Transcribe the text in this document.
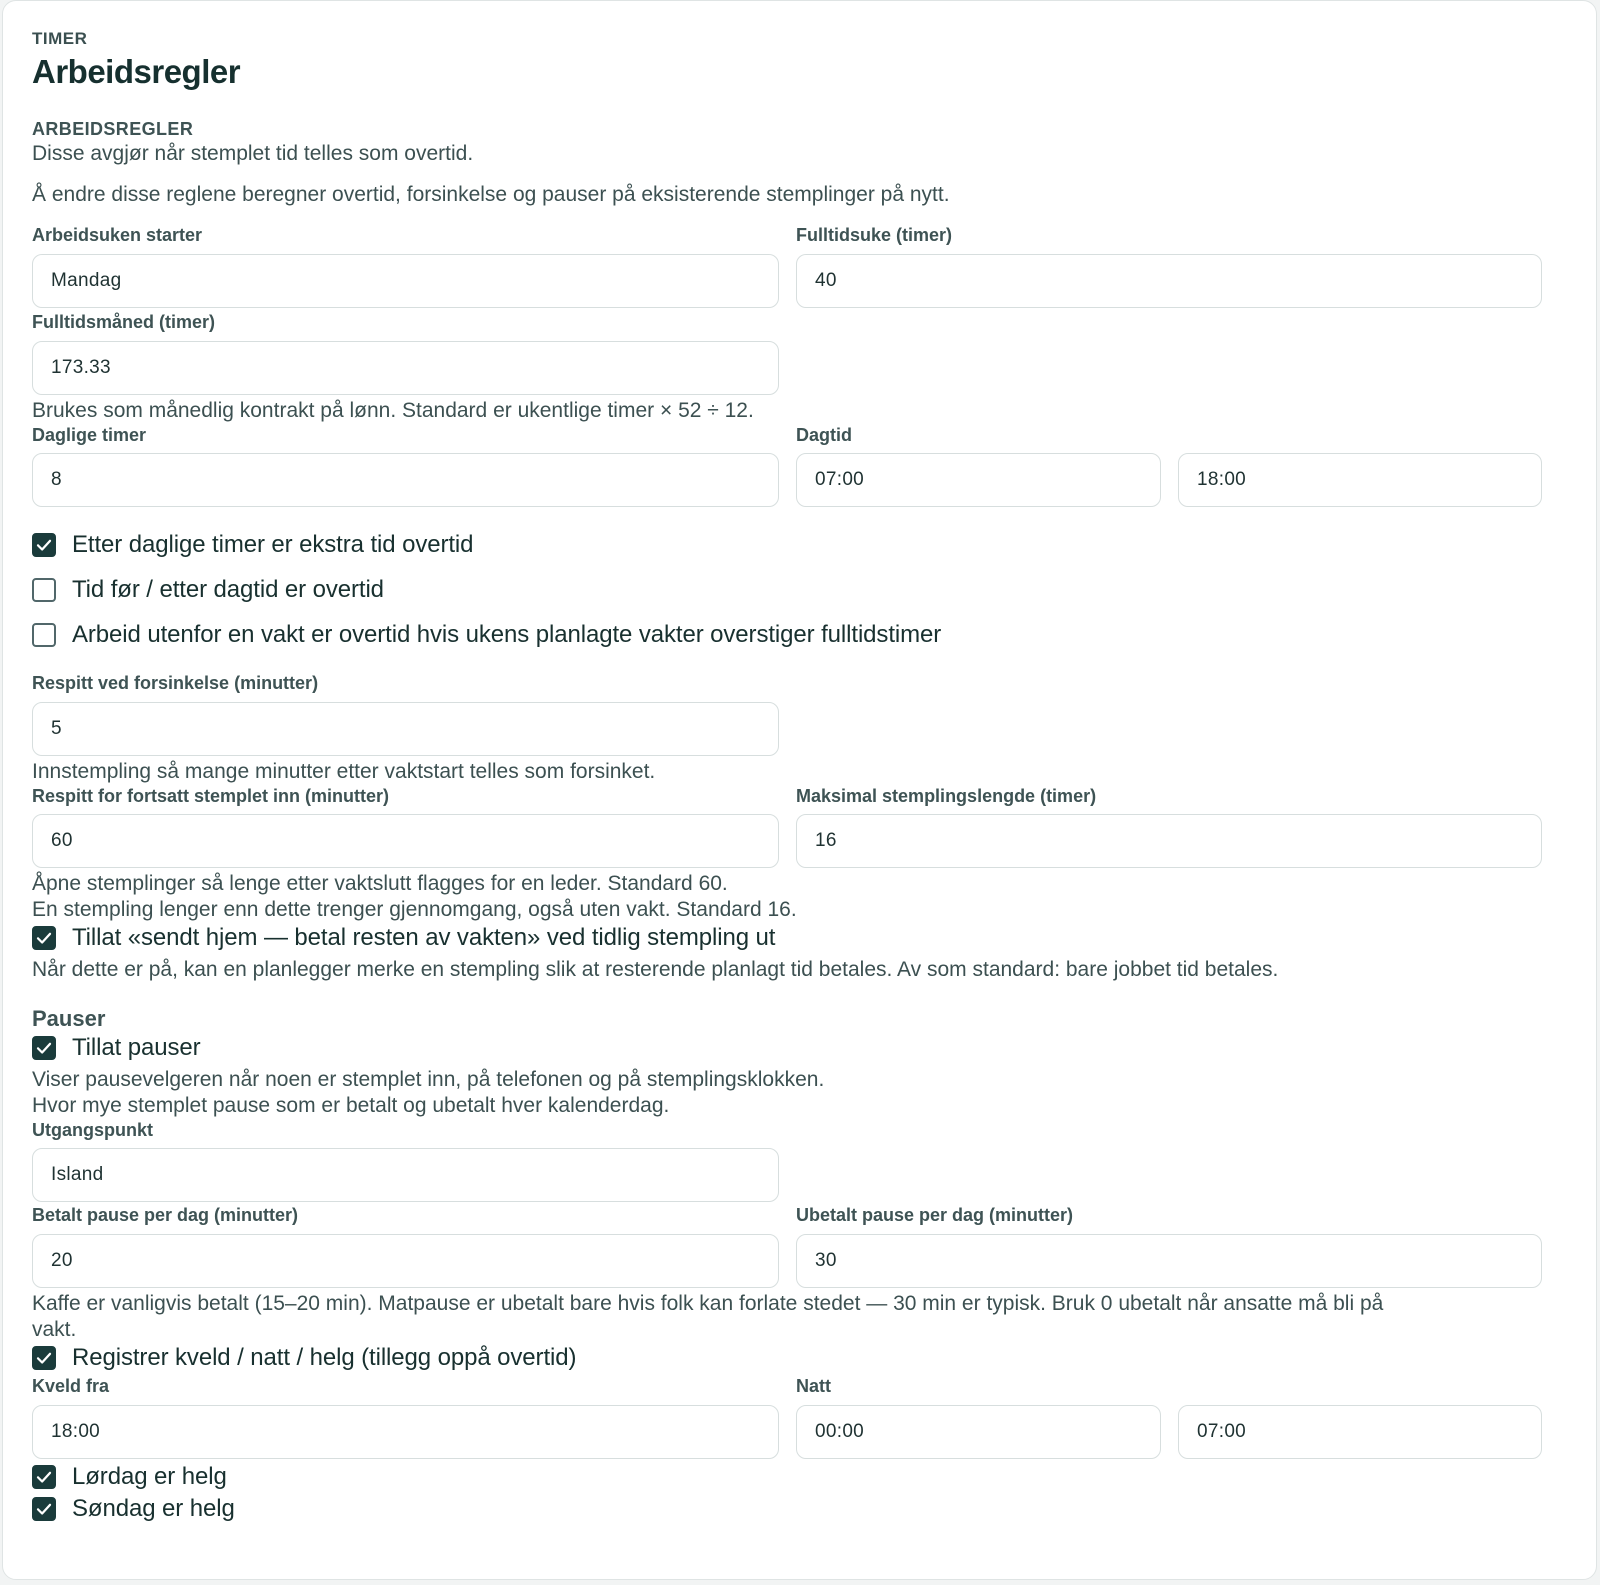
TIMER
Arbeidsregler
ARBEIDSREGLER
Disse avgjør når stemplet tid telles som overtid.
Å endre disse reglene beregner overtid, forsinkelse og pauser på eksisterende stemplinger på nytt.
Arbeidsuken starter
Mandag
Fulltidsuke (timer)
40
Fulltidsmåned (timer)
173.33
Brukes som månedlig kontrakt på lønn. Standard er ukentlige timer × 52 ÷ 12.
Daglige timer
8
Dagtid
07:00	18:00
Etter daglige timer er ekstra tid overtid
Tid før / etter dagtid er overtid
Arbeid utenfor en vakt er overtid hvis ukens planlagte vakter overstiger fulltidstimer
Respitt ved forsinkelse (minutter)
5
Innstempling så mange minutter etter vaktstart telles som forsinket.
Respitt for fortsatt stemplet inn (minutter)
60
Maksimal stemplingslengde (timer)
16
Åpne stemplinger så lenge etter vaktslutt flagges for en leder. Standard 60.
En stempling lenger enn dette trenger gjennomgang, også uten vakt. Standard 16.
Tillat «sendt hjem — betal resten av vakten» ved tidlig stempling ut
Når dette er på, kan en planlegger merke en stempling slik at resterende planlagt tid betales. Av som standard: bare jobbet tid betales.
Pauser
Tillat pauser
Viser pausevelgeren når noen er stemplet inn, på telefonen og på stemplingsklokken.
Hvor mye stemplet pause som er betalt og ubetalt hver kalenderdag.
Utgangspunkt
Island
Betalt pause per dag (minutter)
20
Ubetalt pause per dag (minutter)
30
Kaffe er vanligvis betalt (15–20 min). Matpause er ubetalt bare hvis folk kan forlate stedet — 30 min er typisk. Bruk 0 ubetalt når ansatte må bli på
vakt.
Registrer kveld / natt / helg (tillegg oppå overtid)
Kveld fra
18:00
Natt
00:00	07:00
Lørdag er helg
Søndag er helg
